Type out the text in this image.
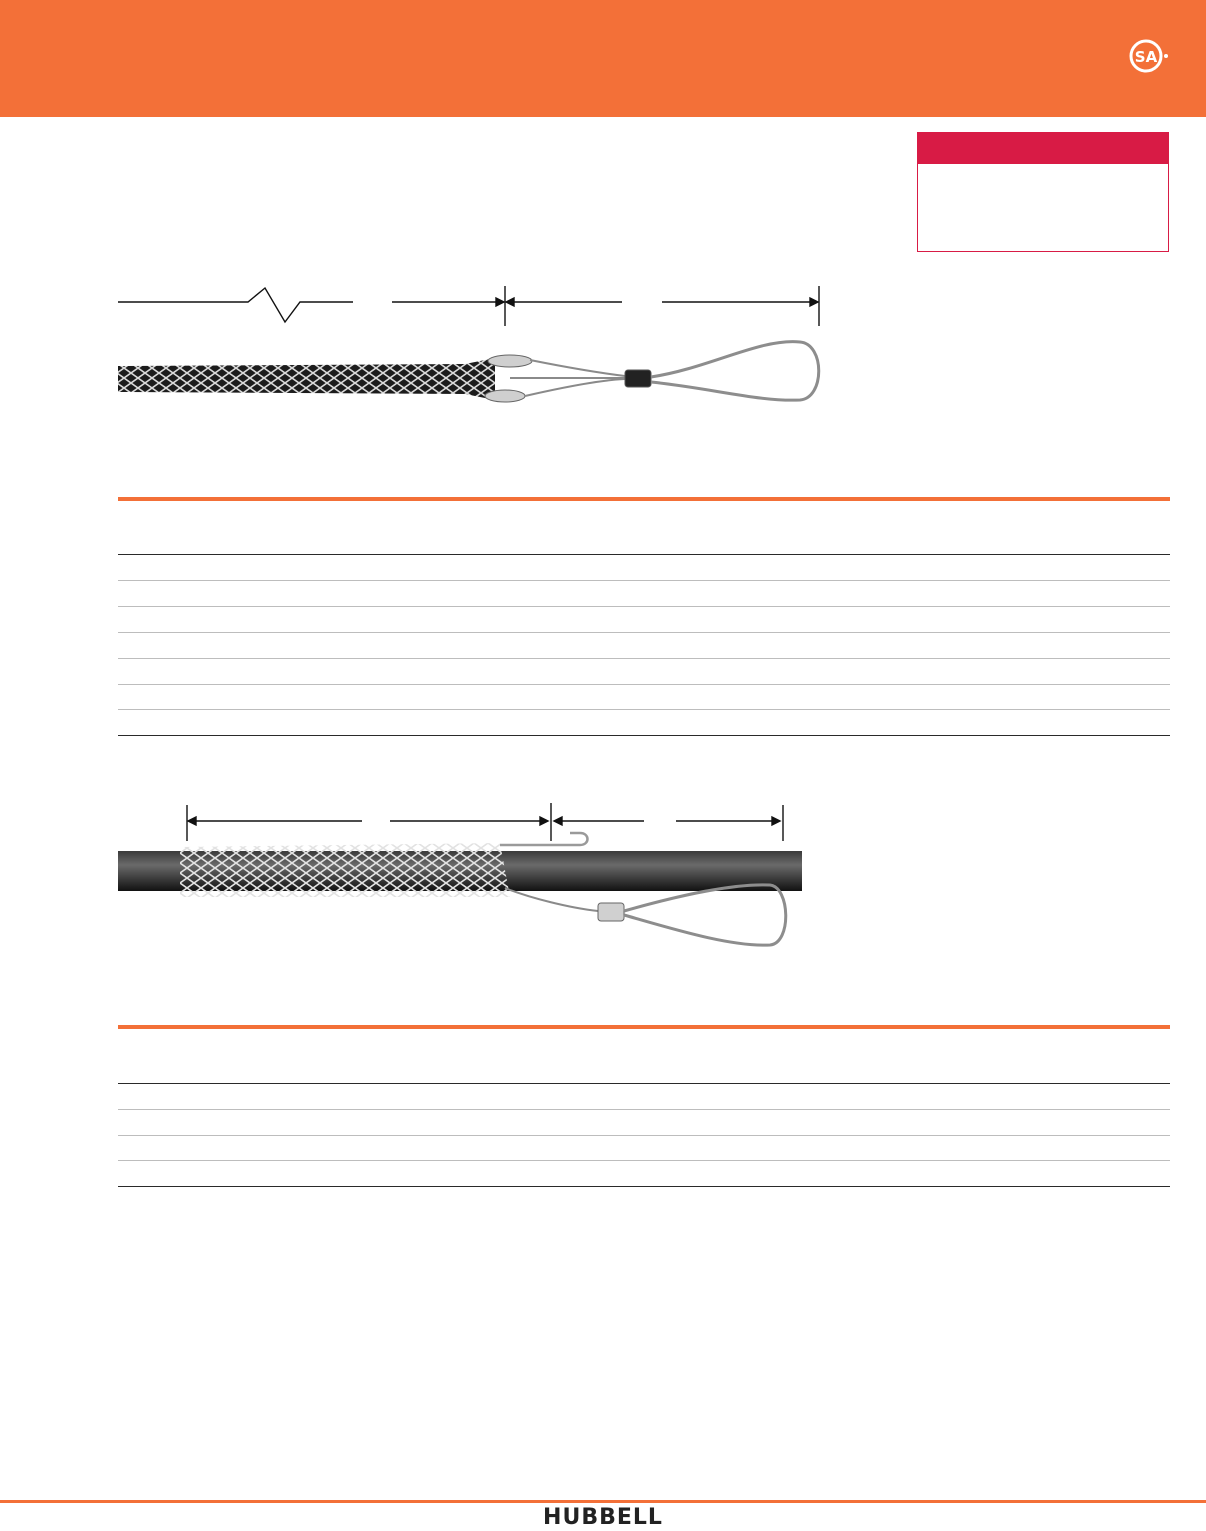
SA
HUBBELL
